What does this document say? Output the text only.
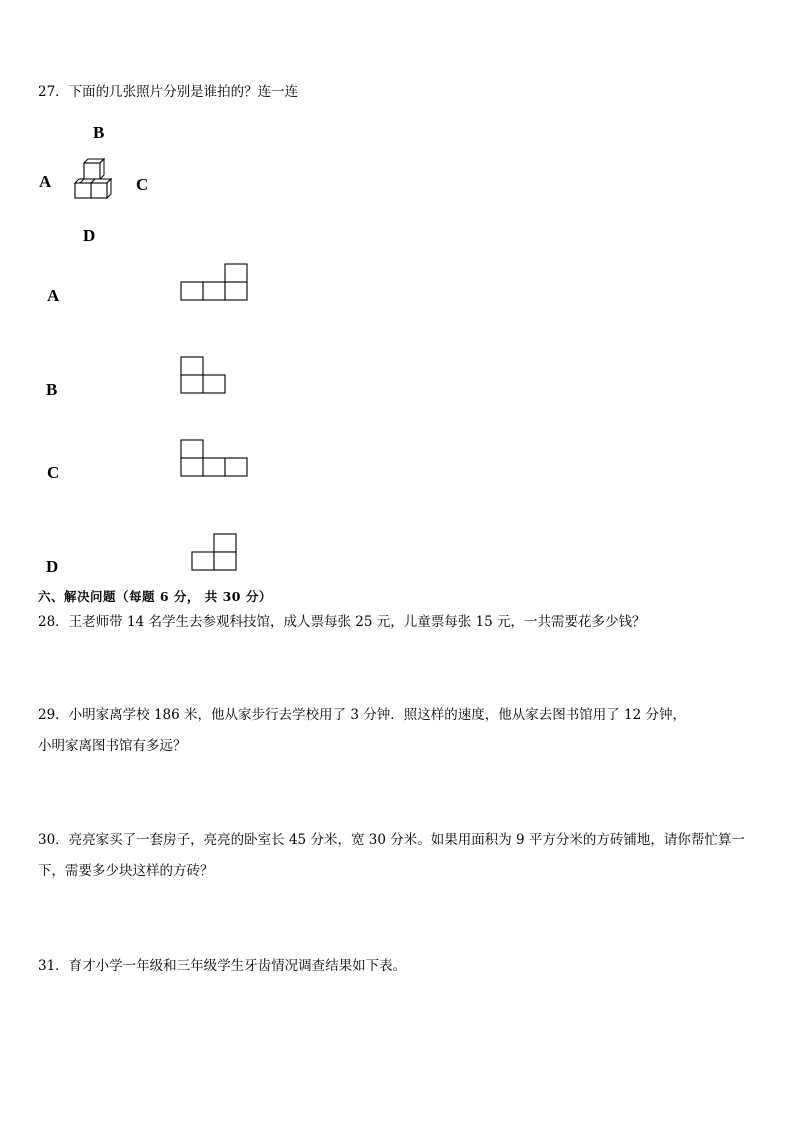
27．下面的几张照片分别是谁拍的？连一连
B
A	C
D
A
B
C
D
六、解决问题（每题 6 分， 共 30 分）
28．王老师带 14 名学生去参观科技馆，成人票每张 25 元，儿童票每张 15 元，一共需要花多少钱？
29．小明家离学校 186 米，他从家步行去学校用了 3 分钟．照这样的速度，他从家去图书馆用了 12 分钟，
小明家离图书馆有多远？
30．亮亮家买了一套房子，亮亮的卧室长 45 分米，宽 30 分米。如果用面积为 9 平方分米的方砖铺地，请你帮忙算一
下，需要多少块这样的方砖？
31．育才小学一年级和三年级学生牙齿情况调查结果如下表。
